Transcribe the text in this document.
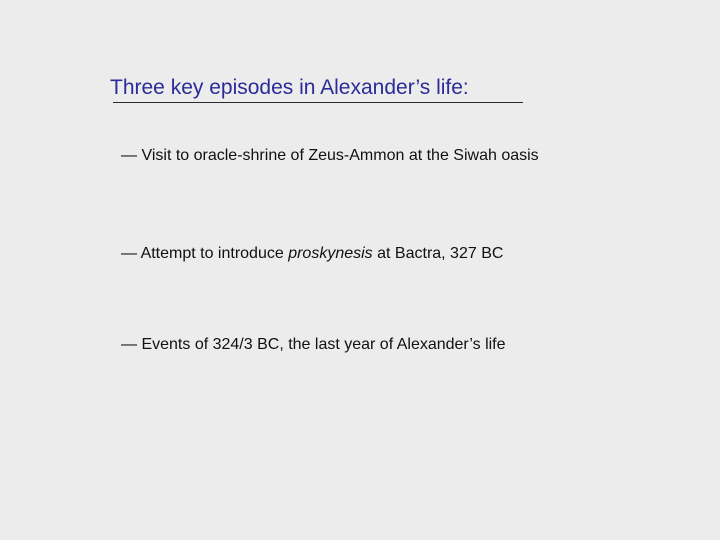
Three key episodes in Alexander’s life:
— Visit to oracle-shrine of Zeus-Ammon at the Siwah oasis
— Attempt to introduce proskynesis at Bactra, 327 BC
— Events of 324/3 BC, the last year of Alexander’s life
